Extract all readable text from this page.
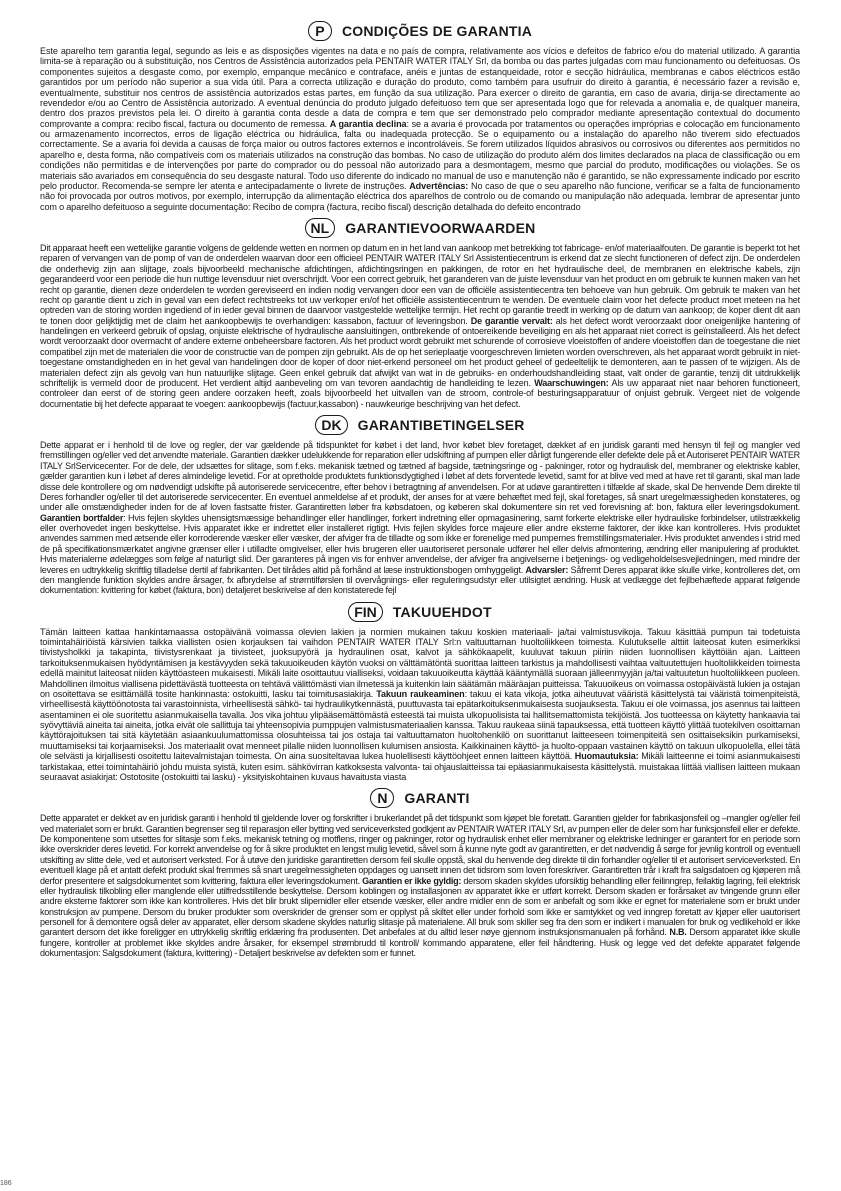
P	CONDIÇÕES DE GARANTIA

Este aparelho tem garantia legal, segundo as leis e as disposições vigentes na data e no país de compra, relativamente aos vícios e defeitos de fabrico e/ou do material utilizado. A garantia limita-se à reparação ou à substituição, nos Centros de Assistência autorizados pela PENTAIR WATER ITALY Srl, da bomba ou das partes julgadas com mau funcionamento ou defeituosas. Os componentes sujeitos a desgaste como, por exemplo, empanque mecânico e contraface, anéis e juntas de estanqueidade, rotor e secção hidráulica, membranas e cabos eléctricos estão garantidos por um período não superior a sua vida útil. Para a correcta utilização e duração do produto, como também para usufruir do direito à garantia, é necessário fazer a revisão e, eventualmente, substituir nos centros de assistência autorizados estas partes, em função da sua utilização. Para exercer o direito de garantia, em caso de avaria, dirija-se directamente ao revendedor e/ou ao Centro de Assistência autorizado. A eventual denúncia do produto julgado defeituoso tem que ser apresentada logo que for relevada a anomalia e, de qualquer maneira, dentro dos prazos previstos pela lei. O direito à garantia conta desde a data de compra e tem que ser demonstrado pelo comprador mediante apresentação contextual do documento comprovante a compra: recibo fiscal, factura ou documento de remessa. A garantia declina: se a avaria é provocada por tratamentos ou operações impróprias e colocação em funcionamento ou armazenamento incorrectos, erros de ligação eléctrica ou hidráulica, falta ou inadequada protecção. Se o equipamento ou a instalação do aparelho não tiverem sido efectuados correctamente. Se a avaria foi devida a causas de força maior ou outros factores externos e incontroláveis. Se forem utilizados líquidos abrasivos ou corrosivos ou diferentes aos permitidos no aparelho e, desta forma, não compatíveis com os materiais utilizados na construção das bombas. No caso de utilização do produto além dos limites declarados na placa de classificação ou em condições não permitidas e de intervenções por parte do comprador ou do pessoal não autorizado para a desmontagem, mesmo que parcial do produto, modificações ou violações. Se os materiais são avariados em consequência do seu desgaste natural. Todo uso diferente do indicado no manual de uso e manutenção não é garantido, se não expressamente indicado por escrito pelo productor. Recomenda-se sempre ler atenta e antecipadamente o livrete de instruções. Advertências: No caso de que o seu aparelho não funcione, verificar se a falta de funcionamento não foi provocada por outros motivos, por exemplo, interrupção da alimentação eléctrica dos aparelhos de controlo ou de comando ou manipulação não adequada. lembrar de apresentar junto com o aparelho defeituoso a seguinte documentação: Recibo de compra (factura, recibo fiscal) descrição detalhada do defeito encontrado

NL	GARANTIEVOORWAARDEN

Dit apparaat heeft een wettelijke garantie volgens de geldende wetten en normen op datum en in het land van aankoop met betrekking tot fabricage- en/of materiaalfouten. De garantie is beperkt tot het reparen of vervangen van de pomp of van de onderdelen waarvan door een officieel PENTAIR WATER ITALY Srl Assistentiecentrum is erkend dat ze slecht functioneren of defect zijn. De onderdelen die onderhevig zijn aan slijtage, zoals bijvoorbeeld mechanische afdichtingen, afdichtingsringen en pakkingen, de rotor en het hydraulische deel, de membranen en elektrische kabels, zijn gegarandeerd voor een periode die hun nuttige levensduur niet overschrijdt. Voor een correct gebruik, het garanderen van de juiste levensduur van het product en om gebruik te kunnen maken van het recht op garantie, dienen deze onderdelen te worden gereviseerd en indien nodig vervangen door een van de officiële assistentiecentra ten behoeve van hun gebruik. Om gebruik te maken van het recht op garantie dient u zich in geval van een defect rechtstreeks tot uw verkoper en/of het officiële assistentiecentrum te wenden. De eventuele claim voor het defecte product moet meteen na het optreden van de storing worden ingediend of in ieder geval binnen de daarvoor vastgestelde wettelijke termijn. Het recht op garantie treedt in werking op de datum van aankoop; de koper dient dit aan te tonen door gelijktijdig met de claim het aankoopbewijs te overhandigen: kassabon, factuur of leveringsbon. De garantie vervalt: als het defect wordt veroorzaakt door oneigenlijke hantering of handelingen en verkeerd gebruik of opslag, onjuiste elektrische of hydraulische aansluitingen, ontbrekende of ontoereikende beveiliging en als het apparaat niet correct is geïnstalleerd. Als het defect wordt veroorzaakt door overmacht of andere externe onbeheersbare factoren. Als het product wordt gebruikt met schurende of corrosieve vloeistoffen of andere vloeistoffen dan de toegestane die niet compatibel zijn met de materialen die voor de constructie van de pompen zijn gebruikt. Als de op het serieplaatje voorgeschreven limieten worden overschreven, als het apparaat wordt gebruikt in niet-toegestane omstandigheden en in het geval van handelingen door de koper of door niet-erkend personeel om het product geheel of gedeeltelijk te demonteren, aan te passen of te wijzigen. Als de materialen defect zijn als gevolg van hun natuurlijke slijtage. Geen enkel gebruik dat afwijkt van wat in de gebruiks- en onderhoudshandleiding staat, valt onder de garantie, tenzij dit uitdrukkelijk schriftelijk is vermeld door de producent. Het verdient altijd aanbeveling om van tevoren aandachtig de handleiding te lezen. Waarschuwingen: Als uw apparaat niet naar behoren functioneert, controleer dan eerst of de storing geen andere oorzaken heeft, zoals bijvoorbeeld het uitvallen van de stroom, controle-of besturingsapparatuur of onjuist gebruik. Vergeet niet de volgende documentatie bij het defecte apparaat te voegen: aankoopbewijs (factuur,kassabon) - nauwkeurige beschrijving van het defect.

DK	GARANTIBETINGELSER

Dette apparat er i henhold til de love og regler, der var gældende på tidspunktet for købet i det land, hvor købet blev foretaget, dækket af en juridisk garanti med hensyn til fejl og mangler ved fremstillingen og/eller ved det anvendte materiale. Garantien dækker udelukkende for reparation eller udskiftning af pumpen eller dårligt fungerende eller defekte dele på et Autoriseret PENTAIR WATER ITALY SrlServicecenter. For de dele, der udsættes for slitage, som f.eks. mekanisk tætned og tætned af bagside, tætningsringe og - pakninger, rotor og hydraulisk del, membraner og elektriske kabler, gælder garantien kun i løbet af deres almindelige levetid. For at opretholde produktets funktionsdygtighed i løbet af dets forventede levetid, samt for at blive ved med at have ret til garanti, skal man lade disse dele kontrollere og om nødvendigt udskifte på autoriserede servicecentre, efter behov i betragtning af anvendelsen. For at udøve garantiretten i tilfælde af skade, skal De henvende Dem direkte til Deres forhandler og/eller til det autoriserede servicecenter. En eventuel anmeldelse af et produkt, der anses for at være behæftet med fejl, skal foretages, så snart uregelmæssigheden konstateres, og under alle omstændigheder inden for de af loven fastsatte frister. Garantiretten løber fra købsdatoen, og køberen skal dokumentere sin ret ved forevisning af: bon, faktura eller leveringsdokument. Garantien bortfalder: Hvis fejlen skyldes uhensigtsmæssige behandlinger eller handlinger, forkert indretning eller opmagasinering, samt forkerte elektriske eller hydrauliske forbindelser, utilstrækkelig eller overhovedet ingen beskyttelse. Hvis apparatet ikke er indrettet eller installeret rigtigt. Hvis fejlen skyldes force majeure eller andre eksterne faktorer, der ikke kan kontrolleres. Hvis produktet anvendes sammen med ætsende eller korroderende væsker eller væsker, der afviger fra de tilladte og som ikke er forenelige med pumpernes fremstillingsmaterialer. Hvis produktet anvendes i strid med de på specifikationsmærkatet angivne grænser eller i utilladte omgivelser, eller hvis brugeren eller uautoriseret personale udfører hel eller delvis afmontering, ændring eller manipulering af produktet. Hvis materialerne ødelægges som følge af naturligt slid. Der garanteres på ingen vis for enhver anvendelse, der afviger fra angivelserne i betjenings- og vedligeholdelsesvejledningen, med mindre der leveres en udtrykkelig skriftlig tilladelse dertil af fabrikanten. Det tilrådes altid på forhånd at læse instruktionsbogen omhyggeligt. Advarsler: Såfremt Deres apparat ikke skulle virke, kontrolleres det, om den manglende funktion skyldes andre årsager, fx afbrydelse af strømtilførslen til overvågnings- eller reguleringsudstyr eller utilsigtet ændring. Husk at vedlægge det fejlbehæftede apparat følgende dokumentation: kvittering for købet (faktura, bon) detaljeret beskrivelse af den konstaterede fejl

FIN	TAKUUEHDOT

Tämän laitteen kattaa hankintamaassa ostopäivänä voimassa olevien lakien ja normien mukainen takuu koskien materiaali- ja/tai valmistusvikoja. Takuu käsittää pumpun tai todetuista toimintahäiriöistä kärsivien taikka viallisten osien korjauksen tai vaihdon PENTAIR WATER ITALY Srl:n valtuuttaman huoltoliikkeen toimesta. Kulutukselle alttiit laiteosat kuten esimerkiksi tiivistysholkki ja takapinta, tiivistysrenkaat ja tiivisteet, juoksupyörä ja hydraulinen osat, kalvot ja sähkökaapelit, kuuluvat takuun piiriin niiden luonnollisen käyttöiän ajan. Laitteen tarkoituksenmukaisen hyödyntämisen ja kestävyyden sekä takuuoikeuden käytön vuoksi on välttämätöntä suorittaa laitteen tarkistus ja mahdollisesti vaihtaa valtuutettujen huoltoliikkeiden toimesta edellä mainitut laiteosat niiden käyttöasteen mukaisesti. Mikäli laite osoittautuu vialliseksi, voidaan takuuoikeutta käyttää kääntymällä suoraan jälleenmyyjän ja/tai valtuutetun huoltoliikkeen puoleen. Mahdollinen ilmoitus viallisena pidettävästä tuotteesta on tehtävä välittömästi vian ilmetessä ja kuitenkin lain säätämän määräajan puitteissa. Takuuoikeus on voimassa ostopäivästä lukien ja ostajan on osoitettava se esittämällä tosite hankinnasta: ostokuitti, lasku tai toimitusasiakirja. Takuun raukeaminen: takuu ei kata vikoja, jotka aiheutuvat vääristä käsittelystä tai vääristä toimenpiteistä, virheellisestä käyttöönotosta tai varastoinnista, virheellisestä sähkö- tai hydraulikytkennästä, puuttuvasta tai epätarkoituksenmukaisesta suojauksesta. Takuu ei ole voimassa, jos asennus tai laitteen asentaminen ei ole suoritettu asianmukaisella tavalla. Jos vika johtuu ylipääsemättömästä esteestä tai muista ulkopuolisista tai hallitsemattomista tekijöistä. Jos tuotteessa on käytetty hankaavia tai syövyttäviä aineita tai aineita, jotka eivät ole sallittuja tai yhteensopivia pumppujen valmistusmateriaalien kanssa. Takuu raukeaa siinä tapauksessa, että tuotteen käyttö ylittää tuotekilven osoittaman käyttörajoituksen tai sitä käytetään asiaankuulumattomissa olosuhteissa tai jos ostaja tai valtuuttamaton huoltohenkilö on suorittanut laitteeseen toimenpiteitä sen osittaiseksikin purkamiseksi, muuttamiseksi tai korjaamiseksi. Jos materiaalit ovat menneet pilalle niiden luonnollisen kulumisen ansiosta. Kaikkinainen käyttö- ja huolto-oppaan vastainen käyttö on takuun ulkopuolella, ellei tätä ole selvästi ja kirjallisesti osoitettu laitevalmistajan toimesta. On aina suositeltavaa lukea huolellisesti käyttöohjeet ennen laitteen käyttöä. Huomautuksia: Mikäli laitteenne ei toimi asianmukaisesti tarkistakaa, ettei toimintahäiriö johdu muista syistä, kuten esim. sähkövirran katkoksesta valvonta- tai ohjauslaitteissa tai epäasianmukaisesta käsittelystä. muistakaa liittää viallisen laitteen mukaan seuraavat asiakirjat: Ostotosite (ostokuitti tai lasku) - yksityiskohtainen kuvaus havaitusta viasta

N	GARANTI

Dette apparatet er dekket av en juridisk garanti i henhold til gjeldende lover og forskrifter i brukerlandet på det tidspunkt som kjøpet ble foretatt. Garantien gjelder for fabrikasjonsfeil og –mangler og/eller feil ved materialet som er brukt. Garantien begrenser seg til reparasjon eller bytting ved serviceverksted godkjent av PENTAIR WATER ITALY Srl, av pumpen eller de deler som har funksjonsfeil eller er defekte. De komponentene som utsettes for slitasje som f.eks. mekanisk tetning og motflens, ringer og pakninger, rotor og hydraulisk enhet eller membraner og elektriske ledninger er garantert for en periode som ikke overskrider deres levetid. For korrekt anvendelse og for å sikre produktet en lengst mulig levetid, såvel som å kunne nyte godt av garantiretten, er det nødvendig å sørge for jevnlig kontroll og eventuell utskifting av slitte dele, ved et autorisert verksted. For å utøve den juridiske garantiretten dersom feil skulle oppstå, skal du henvende deg direkte til din forhandler og/eller til et autorisert serviceverksted. En eventuell klage på et antatt defekt produkt skal fremmes så snart uregelmessigheten oppdages og uansett innen det tidsrom som loven foreskriver. Garantiretten trår i kraft fra salgsdatoen og kjøperen må derfor presentere et salgsdokumentet som kvittering, faktura eller leveringsdokument. Garantien er ikke gyldig: dersom skaden skyldes uforsiktig behandling eller feilinngrep, feilaktig lagring, feil elektrisk eller hydraulisk tilkobling eller manglende eller utilfredsstillende beskyttelse. Dersom koblingen og installasjonen av apparatet ikke er utført korrekt. Dersom skaden er forårsaket av tvingende grunn eller andre eksterne faktorer som ikke kan kontrolleres. Hvis det blir brukt slipemidler eller etsende væsker, eller andre midler enn de som er anbefalt og som ikke er egnet for materialene som er brukt under konstruksjon av pumpene. Dersom du bruker produkter som overskrider de grenser som er opplyst på skiltet eller under forhold som ikke er samtykket og ved inngrep foretatt av kjøper eller uautorisert personell for å demontere også deler av apparatet, eller dersom skadene skyldes naturlig slitasje på materialene. All bruk som skiller seg fra den som er indikert i manualen for bruk og vedlikehold er ikke garantert dersom det ikke foreligger en uttrykkelig skriftlig erklæring fra produsenten. Det anbefales at du alltid leser nøye gjennom instruksjonsmanualen på forhånd. N.B. Dersom apparatet ikke skulle fungere, kontroller at problemet ikke skyldes andre årsaker, for eksempel strømbrudd til kontroll/ kommando apparatene, eller feil håndtering. Husk og legge ved det defekte apparatet følgende dokumentasjon: Salgsdokument (faktura, kvittering) - Detaljert beskrivelse av defekten som er funnet.

186
